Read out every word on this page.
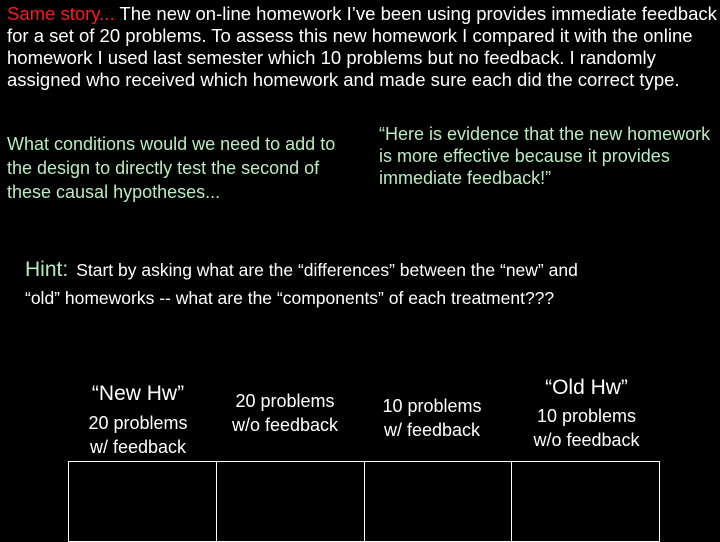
Same story... The new on-line homework I’ve been using provides immediate feedback for a set of 20 problems. To assess this new homework I compared it with the online homework I used last semester which 10 problems but no feedback. I randomly assigned who received which homework and made sure each did the correct type.
What conditions would we need to add to the design to directly test the second of these causal hypotheses...
“Here is evidence that the new homework is more effective because it provides immediate feedback!”
Hint: Start by asking what are the “differences” between the “new” and
“old” homeworks -- what are the “components” of each treatment???
“New Hw”
20 problems
w/ feedback
20 problems
w/o feedback
10 problems
w/ feedback
“Old Hw”
10 problems
w/o feedback
